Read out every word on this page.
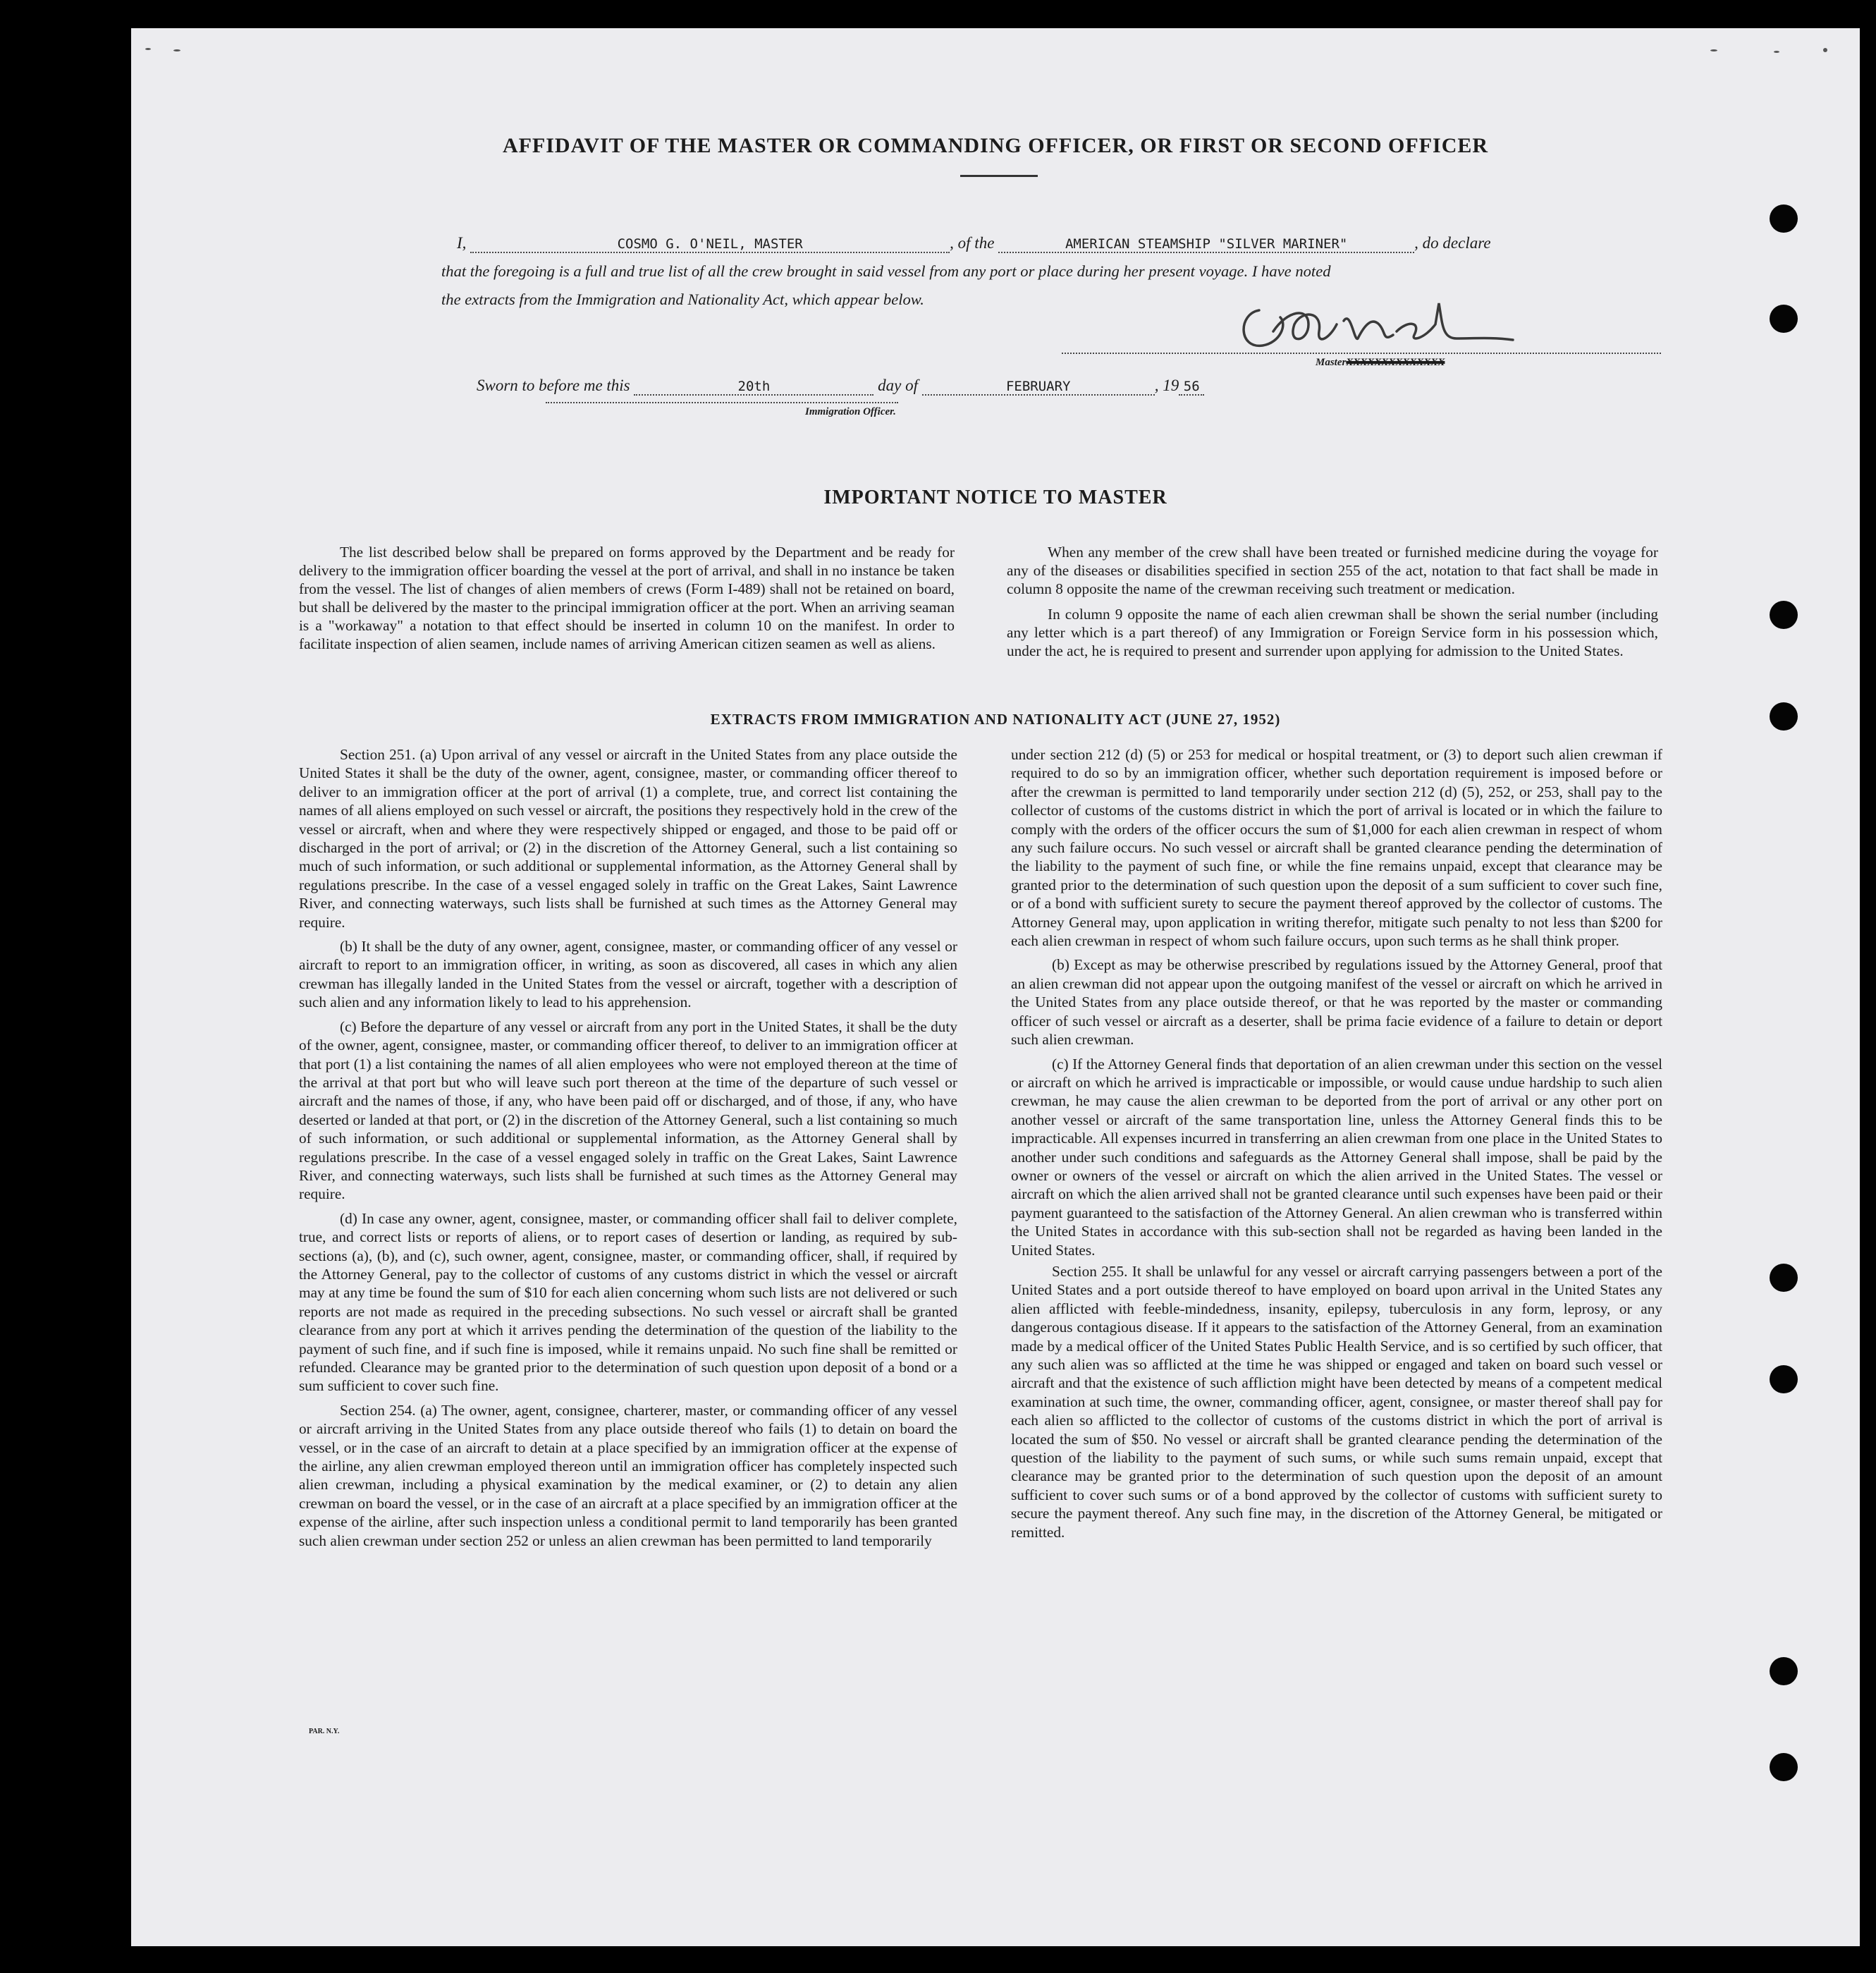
AFFIDAVIT OF THE MASTER OR COMMANDING OFFICER, OR FIRST OR SECOND OFFICER
I,	COSMO G. O'NEIL, MASTER	, of the	AMERICAN STEAMSHIP "SILVER MARINER"	, do declare
that the foregoing is a full and true list of all the crew brought in said vessel from any port or place during her present voyage. I have noted
the extracts from the Immigration and Nationality Act, which appear below.
MasterXXXXXXXXXXXXXX
Sworn to before me this	20th	day of	FEBRUARY	, 19 56
Immigration Officer.
IMPORTANT NOTICE TO MASTER

The list described below shall be prepared on forms approved by the Department and be ready for delivery to the immigration officer boarding the vessel at the port of arrival, and shall in no instance be taken from the vessel. The list of changes of alien members of crews (Form I-489) shall not be retained on board, but shall be delivered by the master to the principal immigration officer at the port. When an arriving seaman is a "workaway" a notation to that effect should be inserted in column 10 on the manifest. In order to facilitate inspection of alien seamen, include names of arriving American citizen seamen as well as aliens.

When any member of the crew shall have been treated or furnished medicine during the voyage for any of the diseases or disabilities specified in section 255 of the act, notation to that fact shall be made in column 8 opposite the name of the crewman receiving such treatment or medication.

In column 9 opposite the name of each alien crewman shall be shown the serial number (including any letter which is a part thereof) of any Immigration or Foreign Service form in his possession which, under the act, he is required to present and surrender upon applying for admission to the United States.

EXTRACTS FROM IMMIGRATION AND NATIONALITY ACT (JUNE 27, 1952)

Section 251. (a) Upon arrival of any vessel or aircraft in the United States from any place outside the United States it shall be the duty of the owner, agent, consignee, master, or commanding officer thereof to deliver to an immigration officer at the port of arrival (1) a complete, true, and correct list containing the names of all aliens employed on such vessel or aircraft, the positions they respectively hold in the crew of the vessel or aircraft, when and where they were respectively shipped or engaged, and those to be paid off or discharged in the port of arrival; or (2) in the discretion of the Attorney General, such a list containing so much of such information, or such additional or supplemental information, as the Attorney General shall by regulations prescribe. In the case of a vessel engaged solely in traffic on the Great Lakes, Saint Lawrence River, and connecting waterways, such lists shall be furnished at such times as the Attorney General may require.

(b) It shall be the duty of any owner, agent, consignee, master, or commanding officer of any vessel or aircraft to report to an immigration officer, in writing, as soon as discovered, all cases in which any alien crewman has illegally landed in the United States from the vessel or aircraft, together with a description of such alien and any information likely to lead to his apprehension.

(c) Before the departure of any vessel or aircraft from any port in the United States, it shall be the duty of the owner, agent, consignee, master, or commanding officer thereof, to deliver to an immigration officer at that port (1) a list containing the names of all alien employees who were not employed thereon at the time of the arrival at that port but who will leave such port thereon at the time of the departure of such vessel or aircraft and the names of those, if any, who have been paid off or discharged, and of those, if any, who have deserted or landed at that port, or (2) in the discretion of the Attorney General, such a list containing so much of such information, or such additional or supplemental information, as the Attorney General shall by regulations prescribe. In the case of a vessel engaged solely in traffic on the Great Lakes, Saint Lawrence River, and connecting waterways, such lists shall be furnished at such times as the Attorney General may require.

(d) In case any owner, agent, consignee, master, or commanding officer shall fail to deliver complete, true, and correct lists or reports of aliens, or to report cases of desertion or landing, as required by sub-sections (a), (b), and (c), such owner, agent, consignee, master, or commanding officer, shall, if required by the Attorney General, pay to the collector of customs of any customs district in which the vessel or aircraft may at any time be found the sum of $10 for each alien concerning whom such lists are not delivered or such reports are not made as required in the preceding subsections. No such vessel or aircraft shall be granted clearance from any port at which it arrives pending the determination of the question of the liability to the payment of such fine, and if such fine is imposed, while it remains unpaid. No such fine shall be remitted or refunded. Clearance may be granted prior to the determination of such question upon deposit of a bond or a sum sufficient to cover such fine.

Section 254. (a) The owner, agent, consignee, charterer, master, or commanding officer of any vessel or aircraft arriving in the United States from any place outside thereof who fails (1) to detain on board the vessel, or in the case of an aircraft to detain at a place specified by an immigration officer at the expense of the airline, any alien crewman employed thereon until an immigration officer has completely inspected such alien crewman, including a physical examination by the medical examiner, or (2) to detain any alien crewman on board the vessel, or in the case of an aircraft at a place specified by an immigration officer at the expense of the airline, after such inspection unless a conditional permit to land temporarily has been granted such alien crewman under section 252 or unless an alien crewman has been permitted to land temporarily

under section 212 (d) (5) or 253 for medical or hospital treatment, or (3) to deport such alien crewman if required to do so by an immigration officer, whether such deportation requirement is imposed before or after the crewman is permitted to land temporarily under section 212 (d) (5), 252, or 253, shall pay to the collector of customs of the customs district in which the port of arrival is located or in which the failure to comply with the orders of the officer occurs the sum of $1,000 for each alien crewman in respect of whom any such failure occurs. No such vessel or aircraft shall be granted clearance pending the determination of the liability to the payment of such fine, or while the fine remains unpaid, except that clearance may be granted prior to the determination of such question upon the deposit of a sum sufficient to cover such fine, or of a bond with sufficient surety to secure the payment thereof approved by the collector of customs. The Attorney General may, upon application in writing therefor, mitigate such penalty to not less than $200 for each alien crewman in respect of whom such failure occurs, upon such terms as he shall think proper.

(b) Except as may be otherwise prescribed by regulations issued by the Attorney General, proof that an alien crewman did not appear upon the outgoing manifest of the vessel or aircraft on which he arrived in the United States from any place outside thereof, or that he was reported by the master or commanding officer of such vessel or aircraft as a deserter, shall be prima facie evidence of a failure to detain or deport such alien crewman.

(c) If the Attorney General finds that deportation of an alien crewman under this section on the vessel or aircraft on which he arrived is impracticable or impossible, or would cause undue hardship to such alien crewman, he may cause the alien crewman to be deported from the port of arrival or any other port on another vessel or aircraft of the same transportation line, unless the Attorney General finds this to be impracticable. All expenses incurred in transferring an alien crewman from one place in the United States to another under such conditions and safeguards as the Attorney General shall impose, shall be paid by the owner or owners of the vessel or aircraft on which the alien arrived in the United States. The vessel or aircraft on which the alien arrived shall not be granted clearance until such expenses have been paid or their payment guaranteed to the satisfaction of the Attorney General. An alien crewman who is transferred within the United States in accordance with this sub-section shall not be regarded as having been landed in the United States.

Section 255. It shall be unlawful for any vessel or aircraft carrying passengers between a port of the United States and a port outside thereof to have employed on board upon arrival in the United States any alien afflicted with feeble-mindedness, insanity, epilepsy, tuberculosis in any form, leprosy, or any dangerous contagious disease. If it appears to the satisfaction of the Attorney General, from an examination made by a medical officer of the United States Public Health Service, and is so certified by such officer, that any such alien was so afflicted at the time he was shipped or engaged and taken on board such vessel or aircraft and that the existence of such affliction might have been detected by means of a competent medical examination at such time, the owner, commanding officer, agent, consignee, or master thereof shall pay for each alien so afflicted to the collector of customs of the customs district in which the port of arrival is located the sum of $50. No vessel or aircraft shall be granted clearance pending the determination of the question of the liability to the payment of such sums, or while such sums remain unpaid, except that clearance may be granted prior to the determination of such question upon the deposit of an amount sufficient to cover such sums or of a bond approved by the collector of customs with sufficient surety to secure the payment thereof. Any such fine may, in the discretion of the Attorney General, be mitigated or remitted.

PAR. N.Y.
